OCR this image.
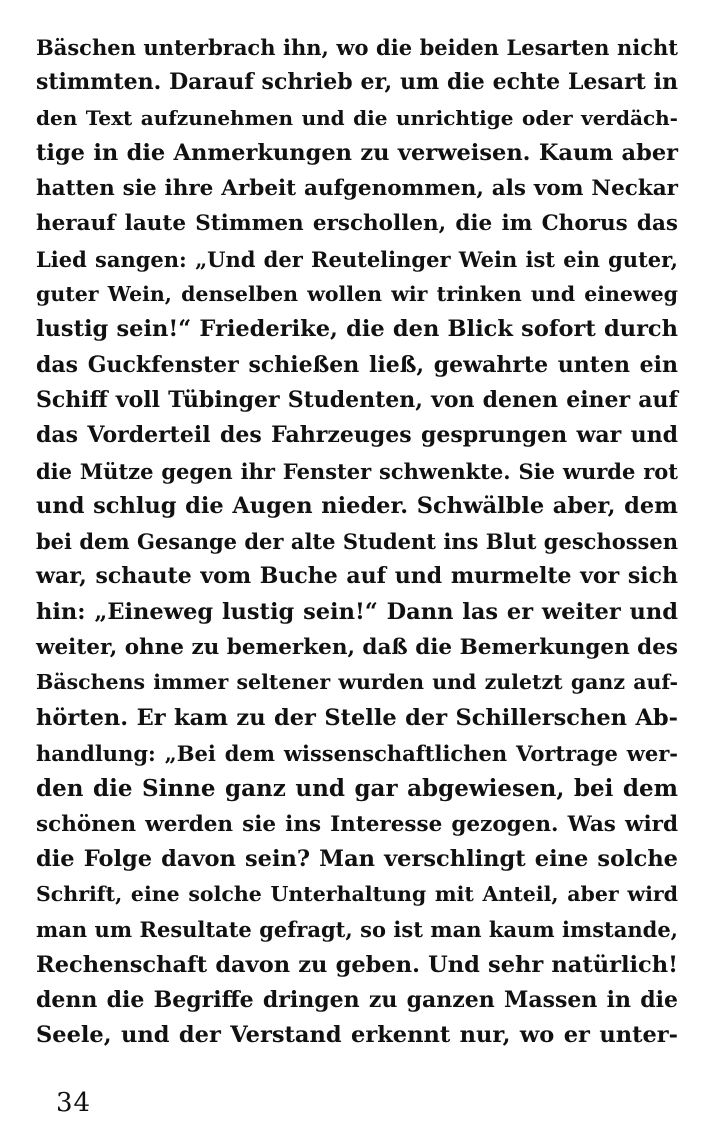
Bäschen unterbrach ihn, wo die beiden Lesarten nicht
stimmten. Darauf schrieb er, um die echte Lesart in
den Text aufzunehmen und die unrichtige oder verdäch-
tige in die Anmerkungen zu verweisen. Kaum aber
hatten sie ihre Arbeit aufgenommen, als vom Neckar
herauf laute Stimmen erschollen, die im Chorus das
Lied sangen: „Und der Reutelinger Wein ist ein guter,
guter Wein, denselben wollen wir trinken und eineweg
lustig sein!“ Friederike, die den Blick sofort durch
das Guckfenster schießen ließ, gewahrte unten ein
Schiff voll Tübinger Studenten, von denen einer auf
das Vorderteil des Fahrzeuges gesprungen war und
die Mütze gegen ihr Fenster schwenkte. Sie wurde rot
und schlug die Augen nieder. Schwälble aber, dem
bei dem Gesange der alte Student ins Blut geschossen
war, schaute vom Buche auf und murmelte vor sich
hin: „Eineweg lustig sein!“ Dann las er weiter und
weiter, ohne zu bemerken, daß die Bemerkungen des
Bäschens immer seltener wurden und zuletzt ganz auf-
hörten. Er kam zu der Stelle der Schillerschen Ab-
handlung: „Bei dem wissenschaftlichen Vortrage wer-
den die Sinne ganz und gar abgewiesen, bei dem
schönen werden sie ins Interesse gezogen. Was wird
die Folge davon sein? Man verschlingt eine solche
Schrift, eine solche Unterhaltung mit Anteil, aber wird
man um Resultate gefragt, so ist man kaum imstande,
Rechenschaft davon zu geben. Und sehr natürlich!
denn die Begriffe dringen zu ganzen Massen in die
Seele, und der Verstand erkennt nur, wo er unter-
34
